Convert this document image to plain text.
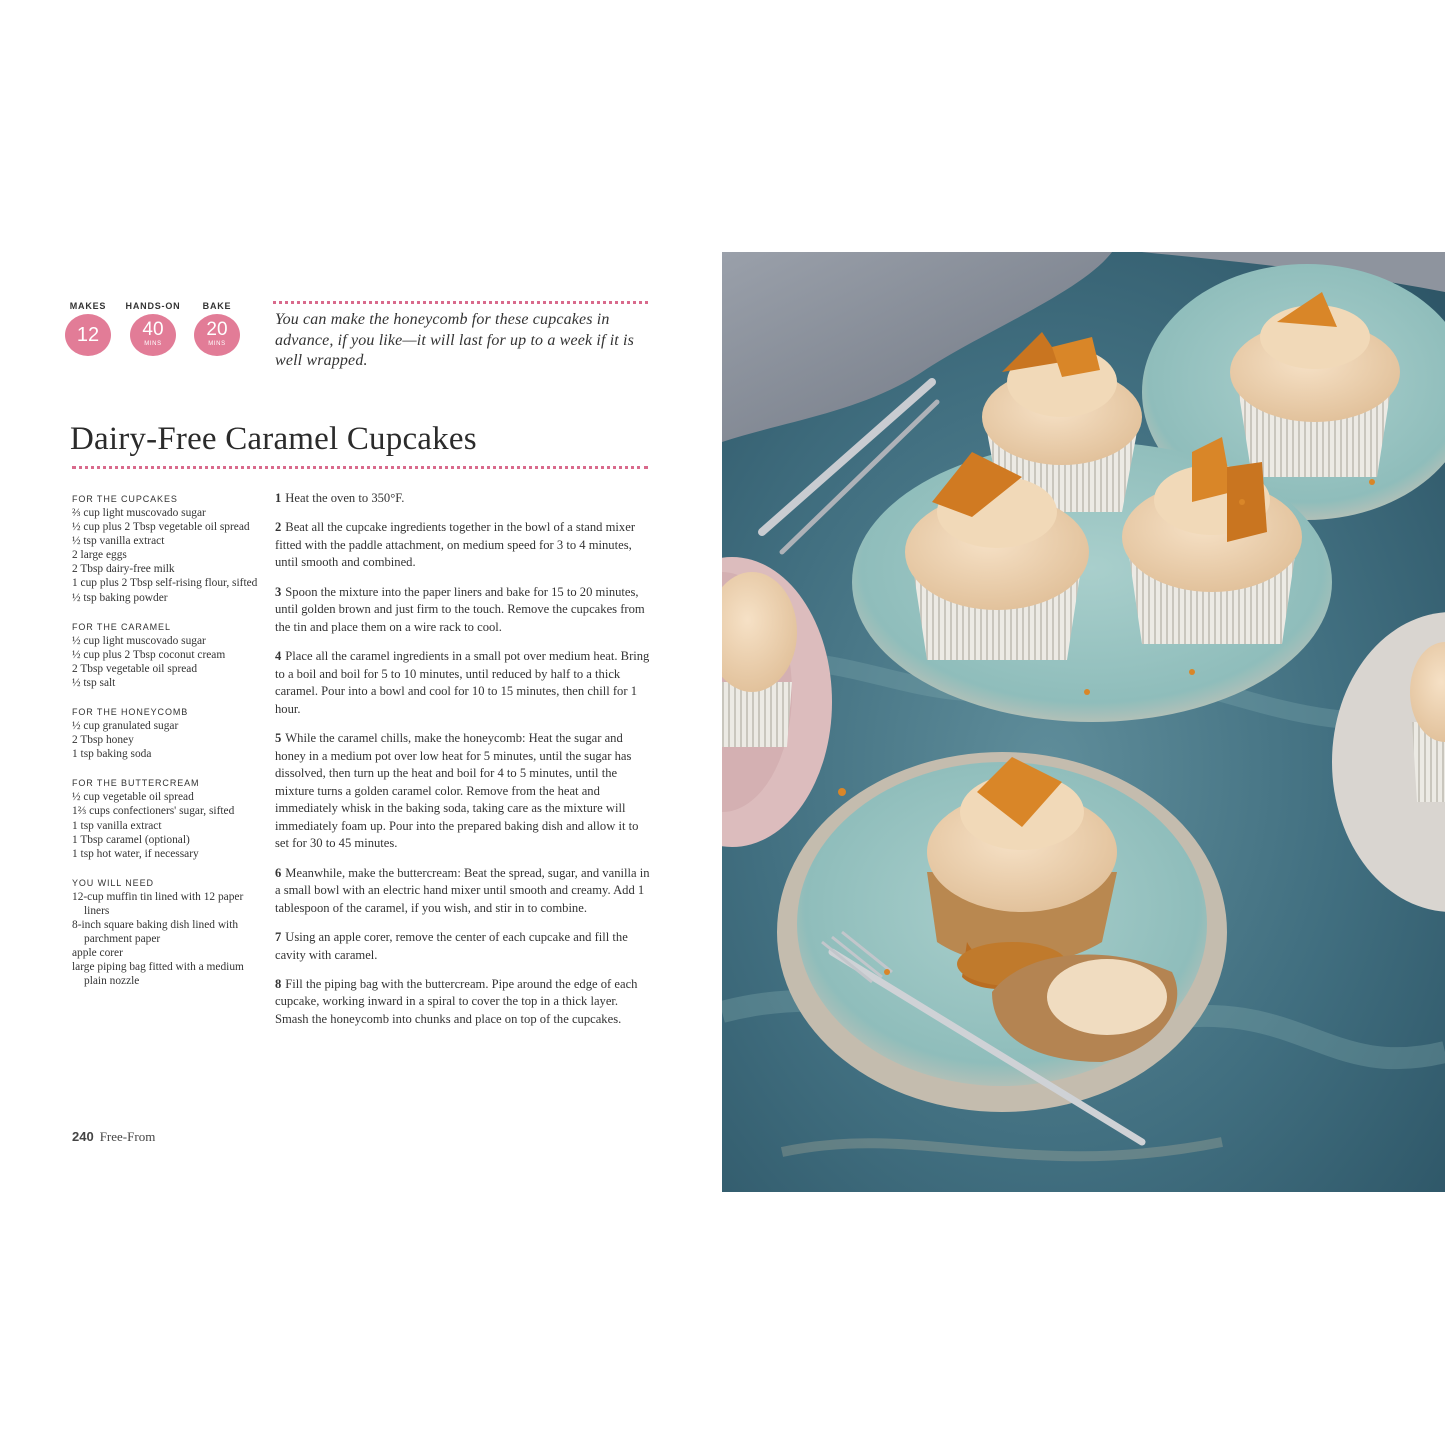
MAKES
12
HANDS-ON
40
MINS
BAKE
20
MINS
You can make the honeycomb for these cupcakes in advance, if you like—it will last for up to a week if it is well wrapped.
Dairy-Free Caramel Cupcakes
FOR THE CUPCAKES
⅔ cup light muscovado sugar
½ cup plus 2 Tbsp vegetable oil spread
½ tsp vanilla extract
2 large eggs
2 Tbsp dairy-free milk
1 cup plus 2 Tbsp self-rising flour, sifted
½ tsp baking powder
FOR THE CARAMEL
½ cup light muscovado sugar
½ cup plus 2 Tbsp coconut cream
2 Tbsp vegetable oil spread
½ tsp salt
FOR THE HONEYCOMB
½ cup granulated sugar
2 Tbsp honey
1 tsp baking soda
FOR THE BUTTERCREAM
½ cup vegetable oil spread
1⅔ cups confectioners' sugar, sifted
1 tsp vanilla extract
1 Tbsp caramel (optional)
1 tsp hot water, if necessary
YOU WILL NEED
12-cup muffin tin lined with 12 paper liners
8-inch square baking dish lined with parchment paper
apple corer
large piping bag fitted with a medium plain nozzle
1 Heat the oven to 350°F.
2 Beat all the cupcake ingredients together in the bowl of a stand mixer fitted with the paddle attachment, on medium speed for 3 to 4 minutes, until smooth and combined.
3 Spoon the mixture into the paper liners and bake for 15 to 20 minutes, until golden brown and just firm to the touch. Remove the cupcakes from the tin and place them on a wire rack to cool.
4 Place all the caramel ingredients in a small pot over medium heat. Bring to a boil and boil for 5 to 10 minutes, until reduced by half to a thick caramel. Pour into a bowl and cool for 10 to 15 minutes, then chill for 1 hour.
5 While the caramel chills, make the honeycomb: Heat the sugar and honey in a medium pot over low heat for 5 minutes, until the sugar has dissolved, then turn up the heat and boil for 4 to 5 minutes, until the mixture turns a golden caramel color. Remove from the heat and immediately whisk in the baking soda, taking care as the mixture will immediately foam up. Pour into the prepared baking dish and allow it to set for 30 to 45 minutes.
6 Meanwhile, make the buttercream: Beat the spread, sugar, and vanilla in a small bowl with an electric hand mixer until smooth and creamy. Add 1 tablespoon of the caramel, if you wish, and stir in to combine.
7 Using an apple corer, remove the center of each cupcake and fill the cavity with caramel.
8 Fill the piping bag with the buttercream. Pipe around the edge of each cupcake, working inward in a spiral to cover the top in a thick layer. Smash the honeycomb into chunks and place on top of the cupcakes.
240 Free-From
